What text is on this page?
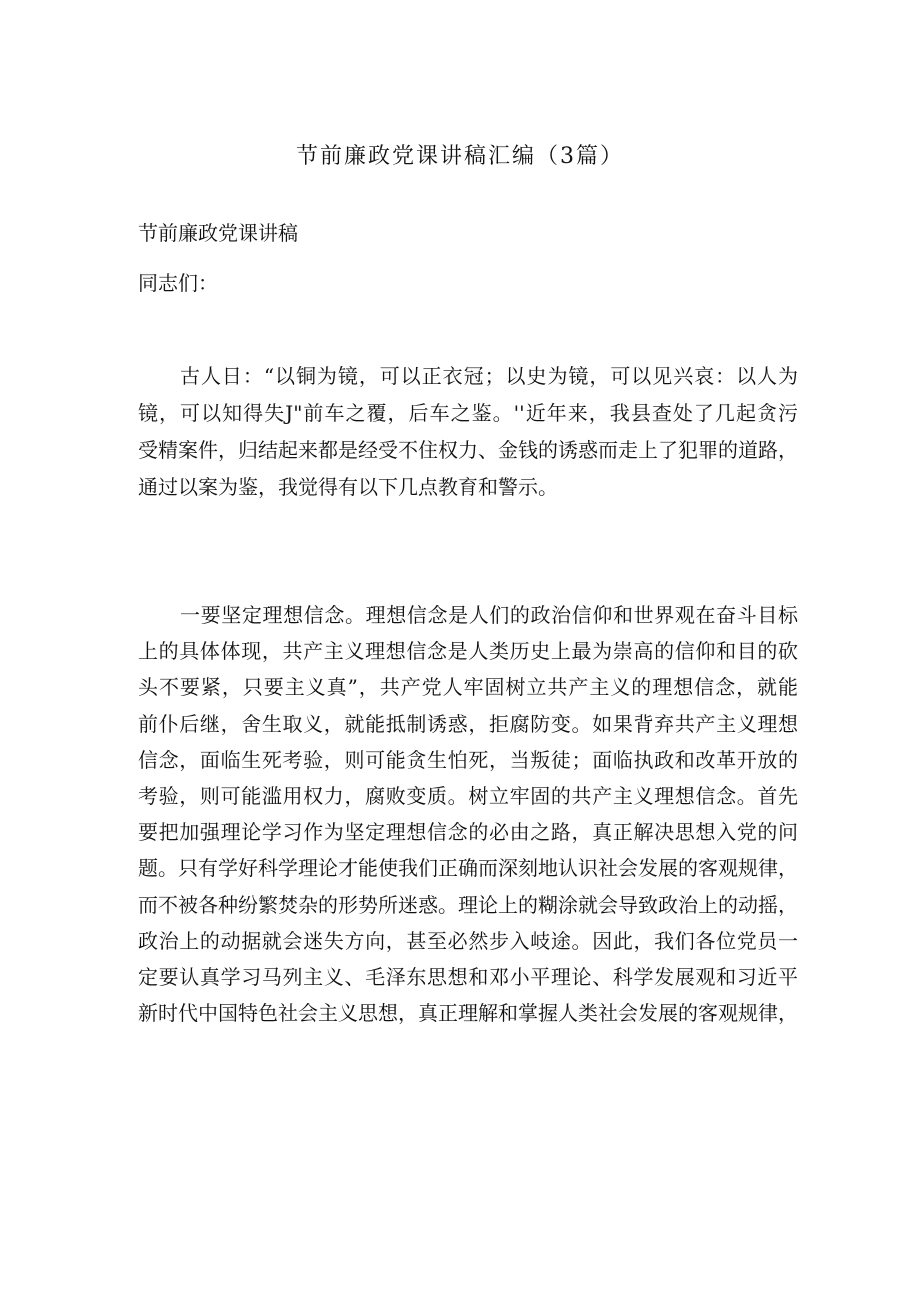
节前廉政党课讲稿汇编（3篇）

节前廉政党课讲稿

同志们：

古人日：“以铜为镜，可以正衣冠；以史为镜，可以见兴哀：以人为
镜，可以知得失J"前车之覆，后车之鉴。''近年来，我县查处了几起贪污
受精案件，归结起来都是经受不住权力、金钱的诱惑而走上了犯罪的道路，
通过以案为鉴，我觉得有以下几点教育和警示。
一要坚定理想信念。理想信念是人们的政治信仰和世界观在奋斗目标
上的具体体现，共产主义理想信念是人类历史上最为崇高的信仰和目的砍
头不要紧，只要主义真”，共产党人牢固树立共产主义的理想信念，就能
前仆后继，舍生取义，就能抵制诱惑，拒腐防变。如果背弃共产主义理想
信念，面临生死考验，则可能贪生怕死，当叛徒；面临执政和改革开放的
考验，则可能滥用权力，腐败变质。树立牢固的共产主义理想信念。首先
要把加强理论学习作为坚定理想信念的必由之路，真正解决思想入党的问
题。只有学好科学理论才能使我们正确而深刻地认识社会发展的客观规律，
而不被各种纷繁焚杂的形势所迷惑。理论上的糊涂就会导致政治上的动摇，
政治上的动据就会迷失方向，甚至必然步入岐途。因此，我们各位党员一
定要认真学习马列主义、毛泽东思想和邓小平理论、科学发展观和习近平
新时代中国特色社会主义思想，真正理解和掌握人类社会发展的客观规律，
